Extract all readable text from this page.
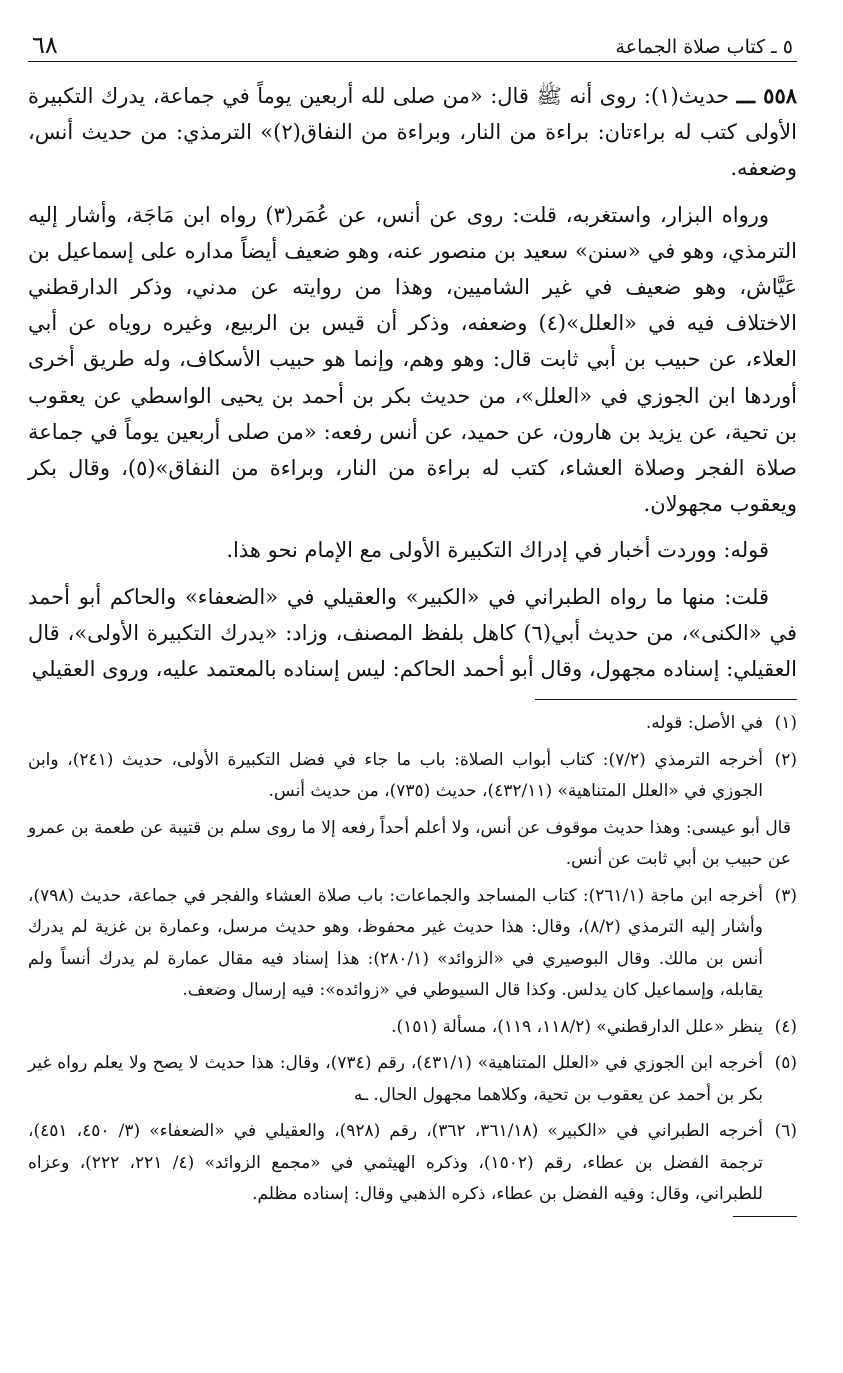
٥ ـ كتاب صلاة الجماعة
٦٨

٥٥٨ ـــ حديث(١): روى أنه ﷺ قال: «من صلى لله أربعين يوماً في جماعة، يدرك التكبيرة الأولى كتب له براءتان: براءة من النار، وبراءة من النفاق(٢)» الترمذي: من حديث أنس، وضعفه.

ورواه البزار، واستغربه، قلت: روى عن أنس، عن عُمَر(٣) رواه ابن مَاجَة، وأشار إليه الترمذي، وهو في «سنن» سعيد بن منصور عنه، وهو ضعيف أيضاً مداره على إسماعيل بن عَيَّاش، وهو ضعيف في غير الشاميين، وهذا من روايته عن مدني، وذكر الدارقطني الاختلاف فيه في «العلل»(٤) وضعفه، وذكر أن قيس بن الربيع، وغيره روياه عن أبي العلاء، عن حبيب بن أبي ثابت قال: وهو وهم، وإنما هو حبيب الأسكاف، وله طريق أخرى أوردها ابن الجوزي في «العلل»، من حديث بكر بن أحمد بن يحيى الواسطي عن يعقوب بن تحية، عن يزيد بن هارون، عن حميد، عن أنس رفعه: «من صلى أربعين يوماً في جماعة صلاة الفجر وصلاة العشاء، كتب له براءة من النار، وبراءة من النفاق»(٥)، وقال بكر ويعقوب مجهولان.

قوله: ووردت أخبار في إدراك التكبيرة الأولى مع الإمام نحو هذا.

قلت: منها ما رواه الطبراني في «الكبير» والعقيلي في «الضعفاء» والحاكم أبو أحمد في «الكنى»، من حديث أبي(٦) كاهل بلفظ المصنف، وزاد: «يدرك التكبيرة الأولى»، قال العقيلي: إسناده مجهول، وقال أبو أحمد الحاكم: ليس إسناده بالمعتمد عليه، وروى العقيلي

(١)
في الأصل: قوله.
(٢)
أخرجه الترمذي (٧/٢): كتاب أبواب الصلاة: باب ما جاء في فضل التكبيرة الأولى، حديث (٢٤١)، وابن الجوزي في «العلل المتناهية» (٤٣٢/١١)، حديث (٧٣٥)، من حديث أنس.
قال أبو عيسى: وهذا حديث موقوف عن أنس، ولا أعلم أحداً رفعه إلا ما روى سلم بن قتيبة عن طعمة بن عمرو عن حبيب بن أبي ثابت عن أنس.
(٣)
أخرجه ابن ماجة (٢٦١/١): كتاب المساجد والجماعات: باب صلاة العشاء والفجر في جماعة، حديث (٧٩٨)، وأشار إليه الترمذي (٨/٢)، وقال: هذا حديث غير محفوظ، وهو حديث مرسل، وعمارة بن غزية لم يدرك أنس بن مالك. وقال البوصيري في «الزوائد» (٢٨٠/١): هذا إسناد فيه مقال عمارة لم يدرك أنساً ولم يقابله، وإسماعيل كان يدلس. وكذا قال السيوطي في «زوائده»: فيه إرسال وضعف.
(٤)
ينظر «علل الدارقطني» (١١٨/٢، ١١٩)، مسألة (١٥١).
(٥)
أخرجه ابن الجوزي في «العلل المتناهية» (٤٣١/١)، رقم (٧٣٤)، وقال: هذا حديث لا يصح ولا يعلم رواه غير بكر بن أحمد عن يعقوب بن تحية، وكلاهما مجهول الحال. ـه
(٦)
أخرجه الطبراني في «الكبير» (٣٦١/١٨، ٣٦٢)، رقم (٩٢٨)، والعقيلي في «الضعفاء» (٣/ ٤٥٠، ٤٥١)، ترجمة الفضل بن عطاء، رقم (١٥٠٢)، وذكره الهيثمي في «مجمع الزوائد» (٤/ ٢٢١، ٢٢٢)، وعزاه للطبراني، وقال: وفيه الفضل بن عطاء، ذكره الذهبي وقال: إسناده مظلم.
